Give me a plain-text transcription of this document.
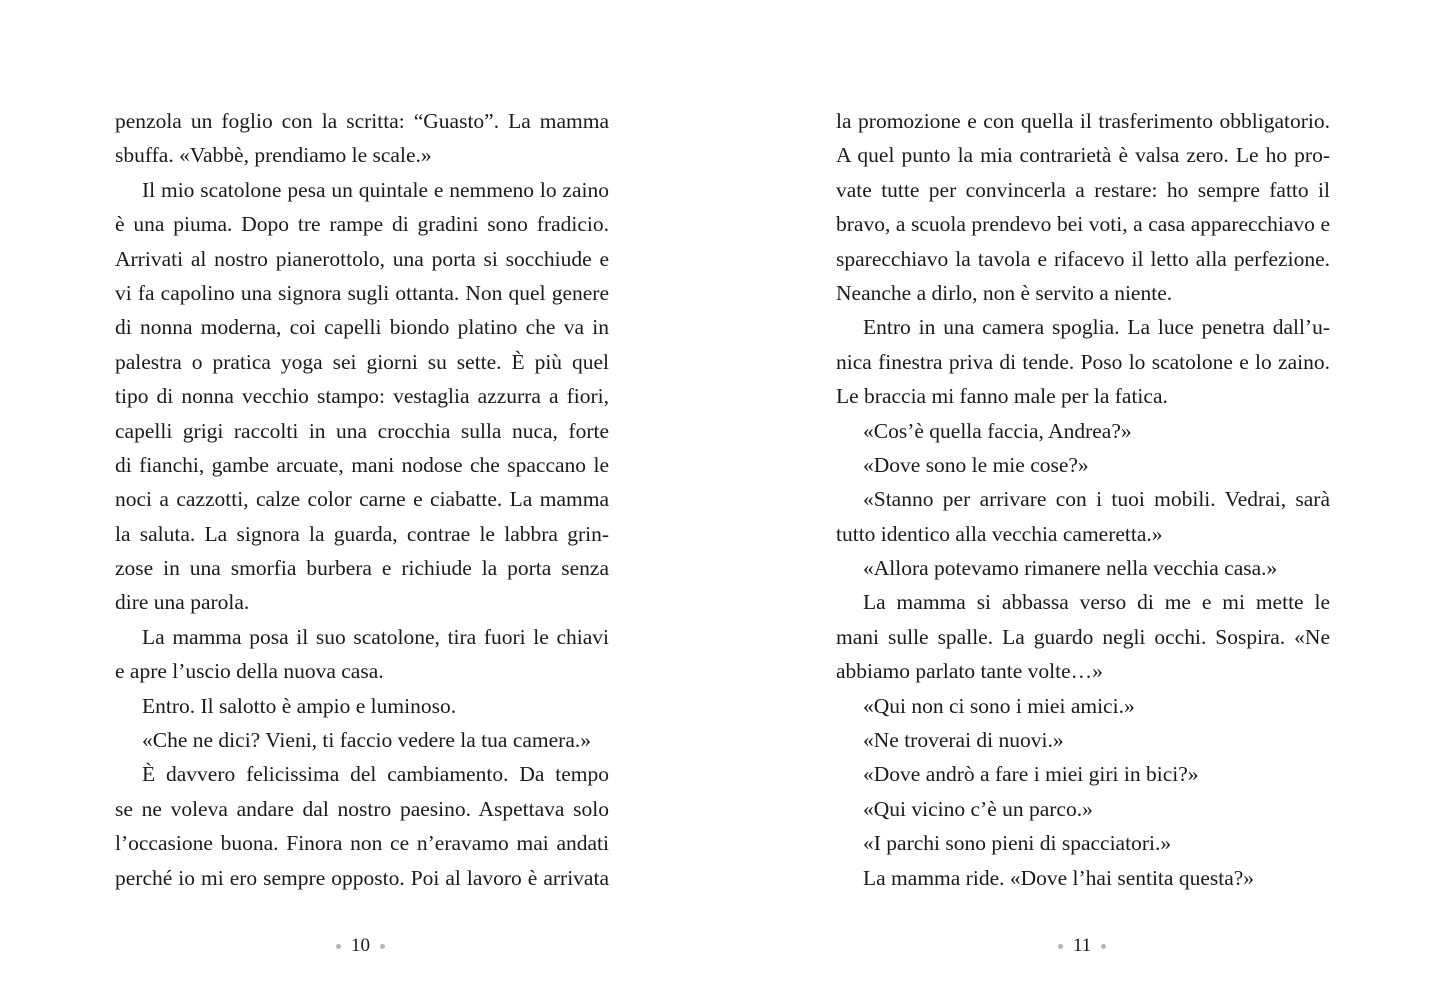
penzola un foglio con la scritta: “Guasto”. La mamma
sbuffa. «Vabbè, prendiamo le scale.»
Il mio scatolone pesa un quintale e nemmeno lo zaino
è una piuma. Dopo tre rampe di gradini sono fradicio.
Arrivati al nostro pianerottolo, una porta si socchiude e
vi fa capolino una signora sugli ottanta. Non quel genere
di nonna moderna, coi capelli biondo platino che va in
palestra o pratica yoga sei giorni su sette. È più quel
tipo di nonna vecchio stampo: vestaglia azzurra a fiori,
capelli grigi raccolti in una crocchia sulla nuca, forte
di fianchi, gambe arcuate, mani nodose che spaccano le
noci a cazzotti, calze color carne e ciabatte. La mamma
la saluta. La signora la guarda, contrae le labbra grin-
zose in una smorfia burbera e richiude la porta senza
dire una parola.
La mamma posa il suo scatolone, tira fuori le chiavi
e apre l’uscio della nuova casa.
Entro. Il salotto è ampio e luminoso.
«Che ne dici? Vieni, ti faccio vedere la tua camera.»
È davvero felicissima del cambiamento. Da tempo
se ne voleva andare dal nostro paesino. Aspettava solo
l’occasione buona. Finora non ce n’eravamo mai andati
perché io mi ero sempre opposto. Poi al lavoro è arrivata
10
la promozione e con quella il trasferimento obbligatorio.
A quel punto la mia contrarietà è valsa zero. Le ho pro-
vate tutte per convincerla a restare: ho sempre fatto il
bravo, a scuola prendevo bei voti, a casa apparecchiavo e
sparecchiavo la tavola e rifacevo il letto alla perfezione.
Neanche a dirlo, non è servito a niente.
Entro in una camera spoglia. La luce penetra dall’u-
nica finestra priva di tende. Poso lo scatolone e lo zaino.
Le braccia mi fanno male per la fatica.
«Cos’è quella faccia, Andrea?»
«Dove sono le mie cose?»
«Stanno per arrivare con i tuoi mobili. Vedrai, sarà
tutto identico alla vecchia cameretta.»
«Allora potevamo rimanere nella vecchia casa.»
La mamma si abbassa verso di me e mi mette le
mani sulle spalle. La guardo negli occhi. Sospira. «Ne
abbiamo parlato tante volte…»
«Qui non ci sono i miei amici.»
«Ne troverai di nuovi.»
«Dove andrò a fare i miei giri in bici?»
«Qui vicino c’è un parco.»
«I parchi sono pieni di spacciatori.»
La mamma ride. «Dove l’hai sentita questa?»
11
